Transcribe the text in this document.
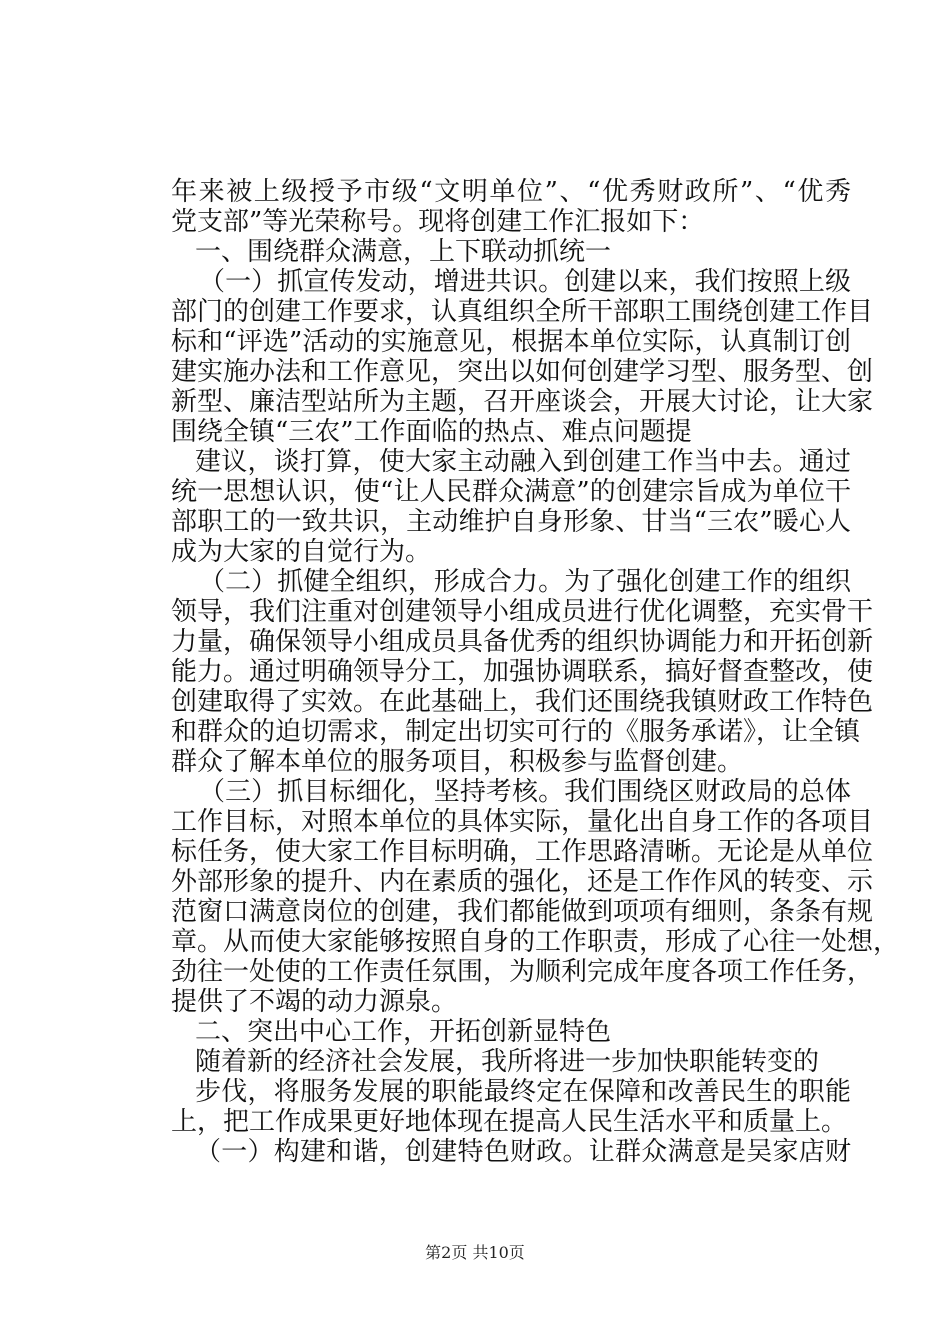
年来被上级授予市级“文明单位”、“优秀财政所”、“优秀
党支部”等光荣称号。现将创建工作汇报如下：
一、围绕群众满意，上下联动抓统一
（一）抓宣传发动，增进共识。创建以来，我们按照上级
部门的创建工作要求，认真组织全所干部职工围绕创建工作目
标和“评选”活动的实施意见，根据本单位实际，认真制订创
建实施办法和工作意见，突出以如何创建学习型、服务型、创
新型、廉洁型站所为主题，召开座谈会，开展大讨论，让大家
围绕全镇“三农”工作面临的热点、难点问题提
建议，谈打算，使大家主动融入到创建工作当中去。通过
统一思想认识，使“让人民群众满意”的创建宗旨成为单位干
部职工的一致共识，主动维护自身形象、甘当“三农”暖心人
成为大家的自觉行为。
（二）抓健全组织，形成合力。为了强化创建工作的组织
领导，我们注重对创建领导小组成员进行优化调整，充实骨干
力量，确保领导小组成员具备优秀的组织协调能力和开拓创新
能力。通过明确领导分工，加强协调联系，搞好督查整改，使
创建取得了实效。在此基础上，我们还围绕我镇财政工作特色
和群众的迫切需求，制定出切实可行的《服务承诺》，让全镇
群众了解本单位的服务项目，积极参与监督创建。
（三）抓目标细化，坚持考核。我们围绕区财政局的总体
工作目标，对照本单位的具体实际，量化出自身工作的各项目
标任务，使大家工作目标明确，工作思路清晰。无论是从单位
外部形象的提升、内在素质的强化，还是工作作风的转变、示
范窗口满意岗位的创建，我们都能做到项项有细则，条条有规
章。从而使大家能够按照自身的工作职责，形成了心往一处想，
劲往一处使的工作责任氛围，为顺利完成年度各项工作任务，
提供了不竭的动力源泉。
二、突出中心工作，开拓创新显特色
随着新的经济社会发展，我所将进一步加快职能转变的
步伐，将服务发展的职能最终定在保障和改善民生的职能
上，把工作成果更好地体现在提高人民生活水平和质量上。
（一）构建和谐，创建特色财政。让群众满意是吴家店财
第2页 共10页
